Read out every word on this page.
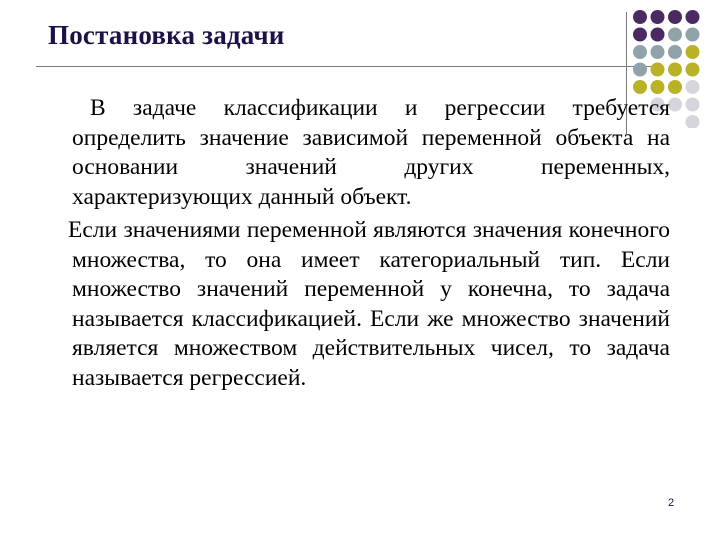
Постановка задачи

В задаче классификации и регрессии требуется определить значение зависимой переменной объекта на основании значений других переменных, характеризующих данный объект.

Если значениями переменной являются значения конечного множества, то она имеет категориальный тип. Если множество значений переменной y конечна, то задача называется классификацией. Если же множество значений является множеством действительных чисел, то задача называется регрессией.

2
